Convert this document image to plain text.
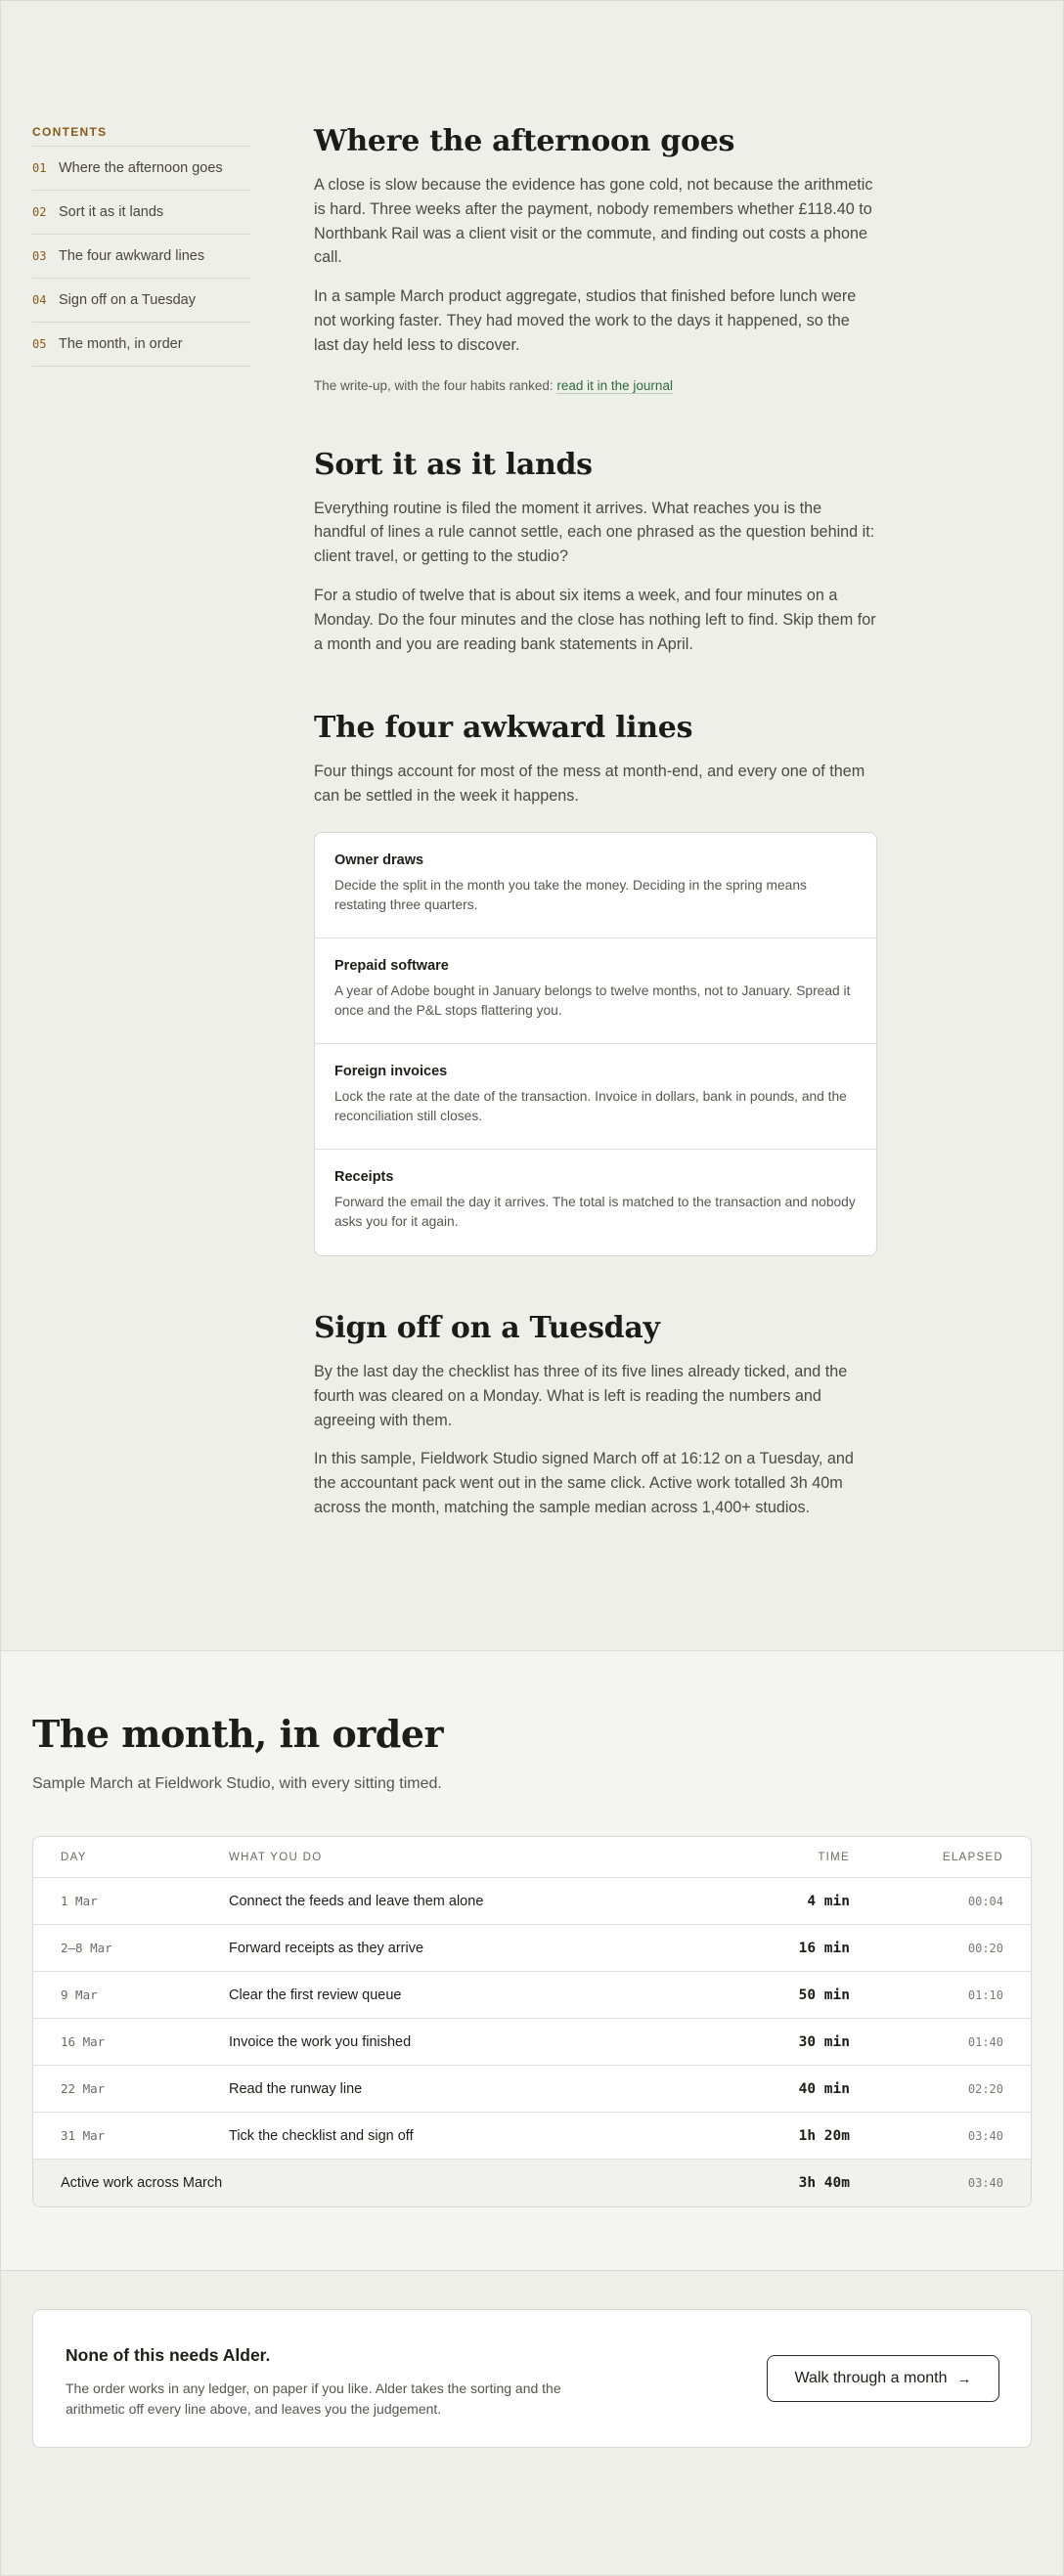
CONTENTS
01 Where the afternoon goes
02 Sort it as it lands
03 The four awkward lines
04 Sign off on a Tuesday
05 The month, in order
Where the afternoon goes

A close is slow because the evidence has gone cold, not because the arithmetic is hard. Three weeks after the payment, nobody remembers whether £118.40 to Northbank Rail was a client visit or the commute, and finding out costs a phone call.

In a sample March product aggregate, studios that finished before lunch were not working faster. They had moved the work to the days it happened, so the last day held less to discover.

The write-up, with the four habits ranked: read it in the journal

Sort it as it lands

Everything routine is filed the moment it arrives. What reaches you is the handful of lines a rule cannot settle, each one phrased as the question behind it: client travel, or getting to the studio?

For a studio of twelve that is about six items a week, and four minutes on a Monday. Do the four minutes and the close has nothing left to find. Skip them for a month and you are reading bank statements in April.

The four awkward lines

Four things account for most of the mess at month-end, and every one of them can be settled in the week it happens.

Owner draws
Decide the split in the month you take the money. Deciding in the spring means restating three quarters.
Prepaid software
A year of Adobe bought in January belongs to twelve months, not to January. Spread it once and the P&L stops flattering you.
Foreign invoices
Lock the rate at the date of the transaction. Invoice in dollars, bank in pounds, and the reconciliation still closes.
Receipts
Forward the email the day it arrives. The total is matched to the transaction and nobody asks you for it again.
Sign off on a Tuesday

By the last day the checklist has three of its five lines already ticked, and the fourth was cleared on a Monday. What is left is reading the numbers and agreeing with them.

In this sample, Fieldwork Studio signed March off at 16:12 on a Tuesday, and the accountant pack went out in the same click. Active work totalled 3h 40m across the month, matching the sample median across 1,400+ studios.

The month, in order

Sample March at Fieldwork Studio, with every sitting timed.

DAY	WHAT YOU DO	TIME	ELAPSED
1 Mar	Connect the feeds and leave them alone	4 min	00:04
2–8 Mar	Forward receipts as they arrive	16 min	00:20
9 Mar	Clear the first review queue	50 min	01:10
16 Mar	Invoice the work you finished	30 min	01:40
22 Mar	Read the runway line	40 min	02:20
31 Mar	Tick the checklist and sign off	1h 20m	03:40
Active work across March	3h 40m	03:40
None of this needs Alder.
The order works in any ledger, on paper if you like. Alder takes the sorting and the arithmetic off every line above, and leaves you the judgement.
Walk through a month →
